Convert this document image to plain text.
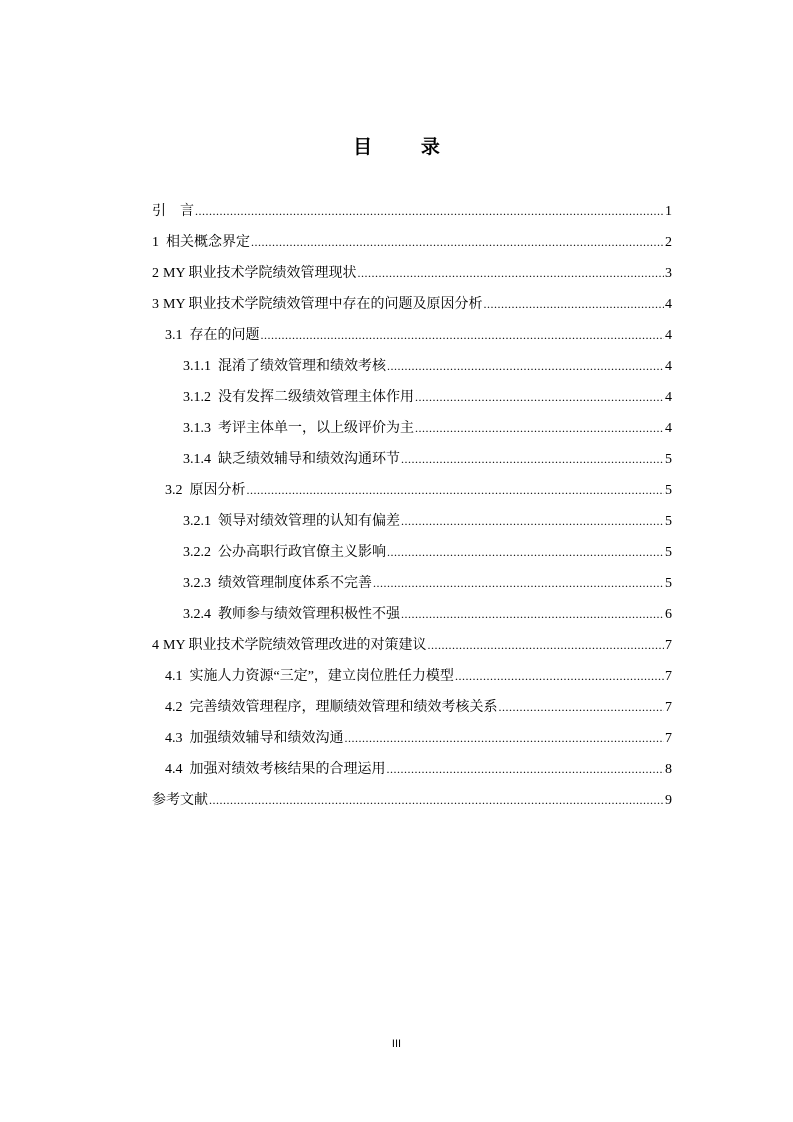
目 录
引    言 .....	1
1 相关概念界定 .....	2
2 MY 职业技术学院绩效管理现状 .....	3
3 MY 职业技术学院绩效管理中存在的问题及原因分析 .....	4
3.1 存在的问题 .....	4
3.1.1 混淆了绩效管理和绩效考核 .....	4
3.1.2 没有发挥二级绩效管理主体作用 .....	4
3.1.3 考评主体单一，以上级评价为主 .....	4
3.1.4 缺乏绩效辅导和绩效沟通环节 .....	5
3.2 原因分析 .....	5
3.2.1 领导对绩效管理的认知有偏差 .....	5
3.2.2 公办高职行政官僚主义影响 .....	5
3.2.3 绩效管理制度体系不完善 .....	5
3.2.4 教师参与绩效管理积极性不强 .....	6
4 MY 职业技术学院绩效管理改进的对策建议 .....	7
4.1 实施人力资源“三定”，建立岗位胜任力模型 .....	7
4.2 完善绩效管理程序，理顺绩效管理和绩效考核关系 .....	7
4.3 加强绩效辅导和绩效沟通 .....	7
4.4 加强对绩效考核结果的合理运用 .....	8
参考文献 .....	9
III
